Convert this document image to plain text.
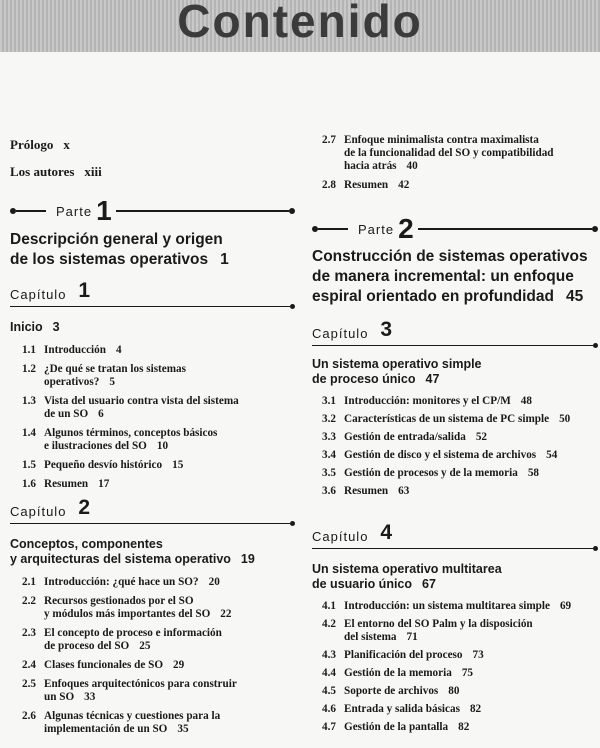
Contenido

Prólogo x

Los autores xiii

Parte 1

Descripción general y origen

de los sistemas operativos 1

Capítulo 1

Inicio 3

1.1 Introducción 4
1.2 ¿De qué se tratan los sistemas
operativos? 5
1.3 Vista del usuario contra vista del sistema
de un SO 6
1.4 Algunos términos, conceptos básicos
e ilustraciones del SO 10
1.5 Pequeño desvío histórico 15
1.6 Resumen 17
Capítulo 2

Conceptos, componentes

y arquitecturas del sistema operativo 19

2.1 Introducción: ¿qué hace un SO? 20
2.2 Recursos gestionados por el SO
y módulos más importantes del SO 22
2.3 El concepto de proceso e información
de proceso del SO 25
2.4 Clases funcionales de SO 29
2.5 Enfoques arquitectónicos para construir
un SO 33
2.6 Algunas técnicas y cuestiones para la
implementación de un SO 35
2.7 Enfoque minimalista contra maximalista
de la funcionalidad del SO y compatibilidad
hacia atrás 40
2.8 Resumen 42
Parte 2

Construcción de sistemas operativos

de manera incremental: un enfoque

espiral orientado en profundidad 45

Capítulo 3

Un sistema operativo simple

de proceso único 47

3.1 Introducción: monitores y el CP/M 48
3.2 Características de un sistema de PC simple 50
3.3 Gestión de entrada/salida 52
3.4 Gestión de disco y el sistema de archivos 54
3.5 Gestión de procesos y de la memoria 58
3.6 Resumen 63
Capítulo 4

Un sistema operativo multitarea

de usuario único 67

4.1 Introducción: un sistema multitarea simple 69
4.2 El entorno del SO Palm y la disposición
del sistema 71
4.3 Planificación del proceso 73
4.4 Gestión de la memoria 75
4.5 Soporte de archivos 80
4.6 Entrada y salida básicas 82
4.7 Gestión de la pantalla 82
